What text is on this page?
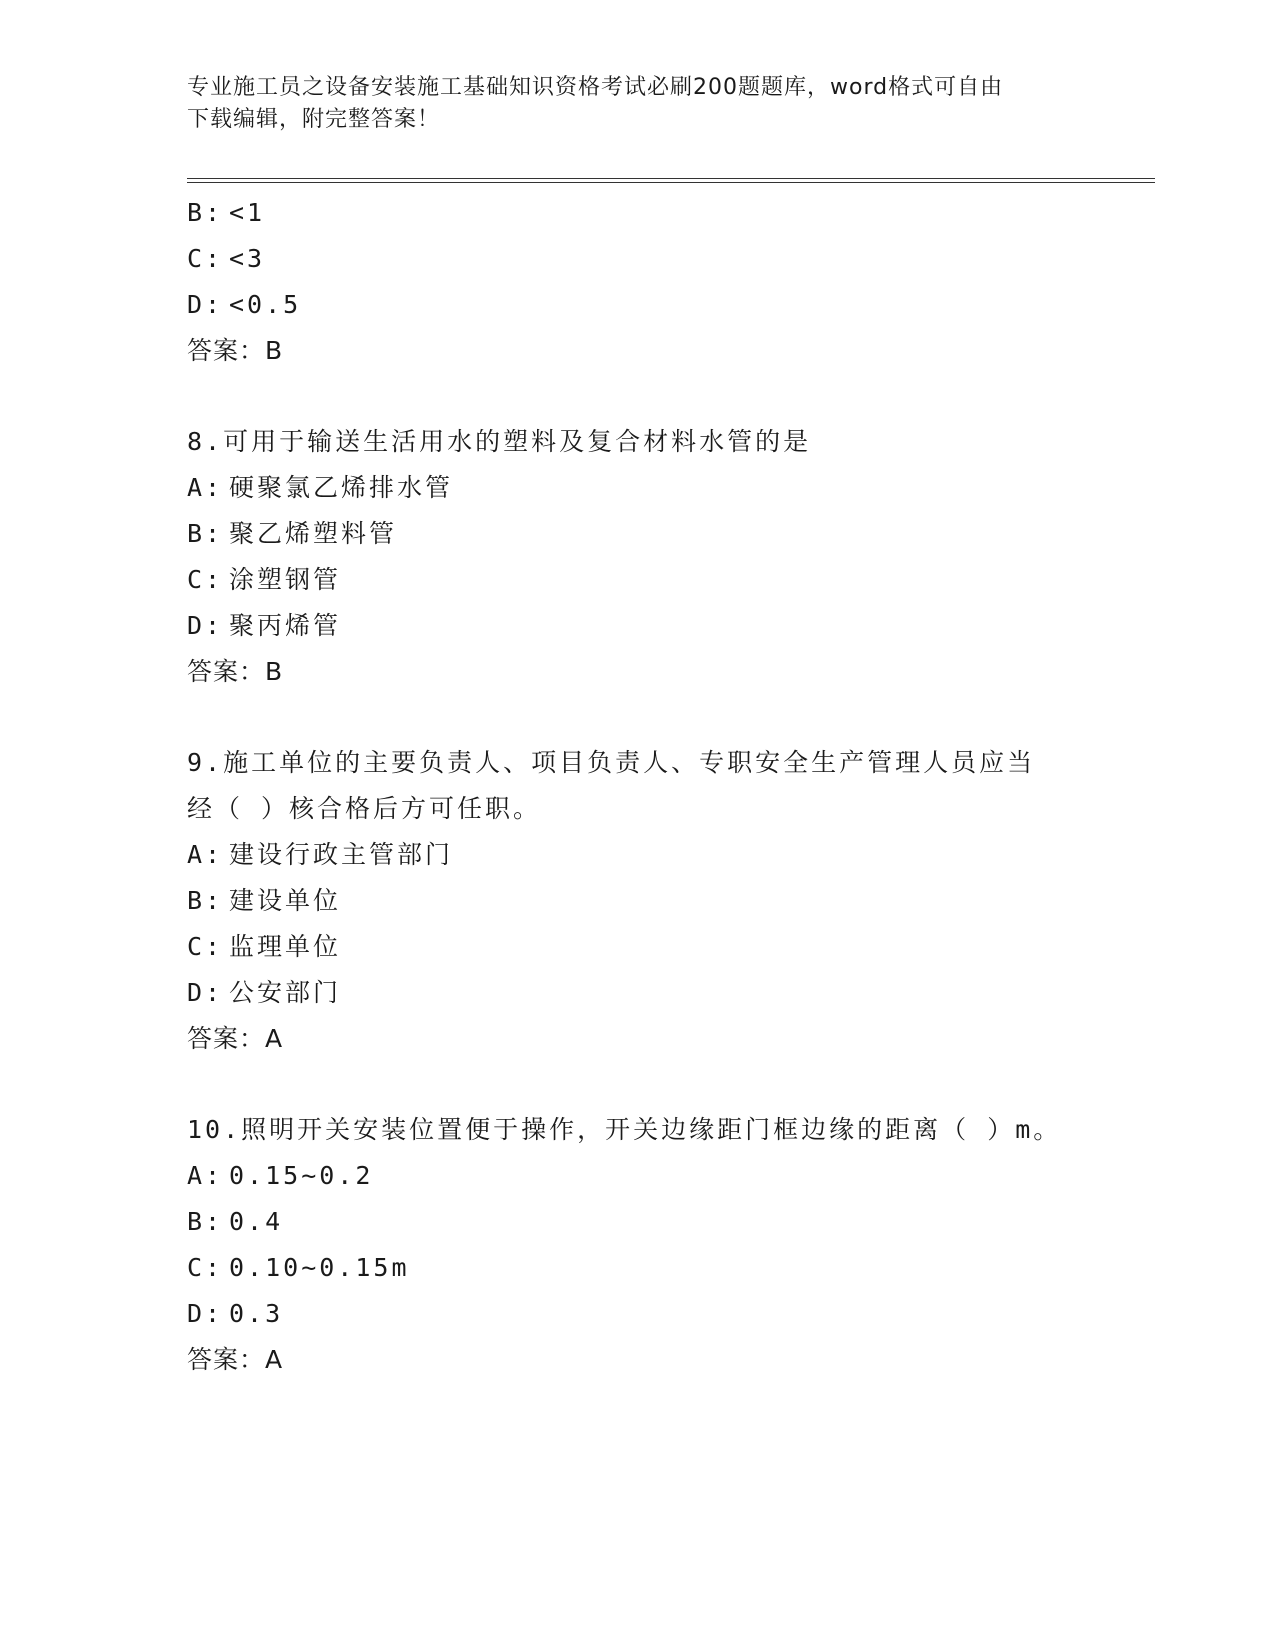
专业施工员之设备安装施工基础知识资格考试必刷200题题库，word格式可自由
下载编辑，附完整答案！
B: <1
C: <3
D: <0.5
答案：B
8.可用于输送生活用水的塑料及复合材料水管的是
A: 硬聚氯乙烯排水管
B: 聚乙烯塑料管
C: 涂塑钢管
D: 聚丙烯管
答案：B
9.施工单位的主要负责人、项目负责人、专职安全生产管理人员应当
经（ ）核合格后方可任职。
A: 建设行政主管部门
B: 建设单位
C: 监理单位
D: 公安部门
答案：A
10.照明开关安装位置便于操作，开关边缘距门框边缘的距离（ ）m。
A: 0.15~0.2
B: 0.4
C: 0.10~0.15m
D: 0.3
答案：A
